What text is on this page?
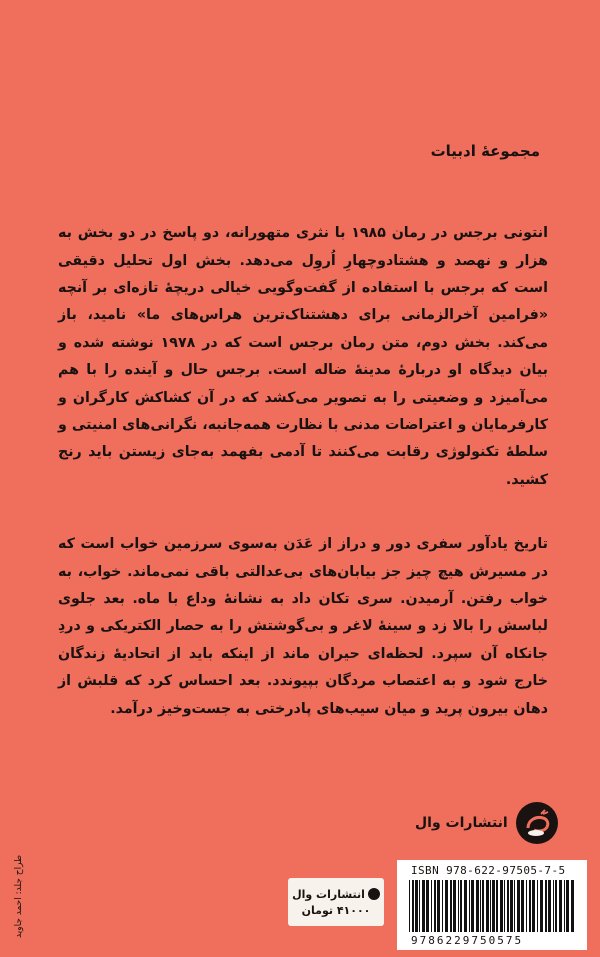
مجموعهٔ ادبیات

انتونی برجس در رمان ۱۹۸۵ با نثری متهورانه، دو پاسخ در دو بخش به هزار و نهصد و هشتادوچهارِ اُروِل می‌دهد. بخش اول تحلیل دقیقی است که برجس با استفاده از گفت‌وگویی خیالی دریچهٔ تازه‌ای بر آنچه «فرامین آخرالزمانی برای دهشتناک‌ترین هراس‌های ما» نامید، باز می‌کند. بخش دوم، متن رمان برجس است که در ۱۹۷۸ نوشته شده و بیان دیدگاه او دربارهٔ مدینهٔ ضاله است. برجس حال و آینده را با هم می‌آمیزد و وضعیتی را به تصویر می‌کشد که در آن کشاکش کارگران و کارفرمایان و اعتراضات مدنی با نظارت همه‌جانبه، نگرانی‌های امنیتی و سلطهٔ تکنولوژی رقابت می‌کنند تا آدمی بفهمد به‌جای زیستن باید رنج کشید.

تاریخ یادآور سفری دور و دراز از عَدَن به‌سوی سرزمین خواب است که در مسیرش هیچ چیز جز بیابان‌های بی‌عدالتی باقی نمی‌ماند. خواب، به خواب رفتن. آرمیدن. سری تکان داد به نشانهٔ وداع با ماه. بعد جلوی لباسش را بالا زد و سینهٔ لاغر و بی‌گوشتش را به حصار الکتریکی و دردِ جانکاه آن سپرد. لحظه‌ای حیران ماند از اینکه باید از اتحادیهٔ زندگان خارج شود و به اعتصاب مردگان بپیوندد. بعد احساس کرد که قلبش از دهان بیرون پرید و میان سیب‌های پادرختی به جست‌وخیز درآمد.

انتشارات وال
طراح جلد: احمد جاوید	انتشارات وال
۴۱۰۰۰ تومان
ISBN 978-622-97505-7-5
9786229750575
